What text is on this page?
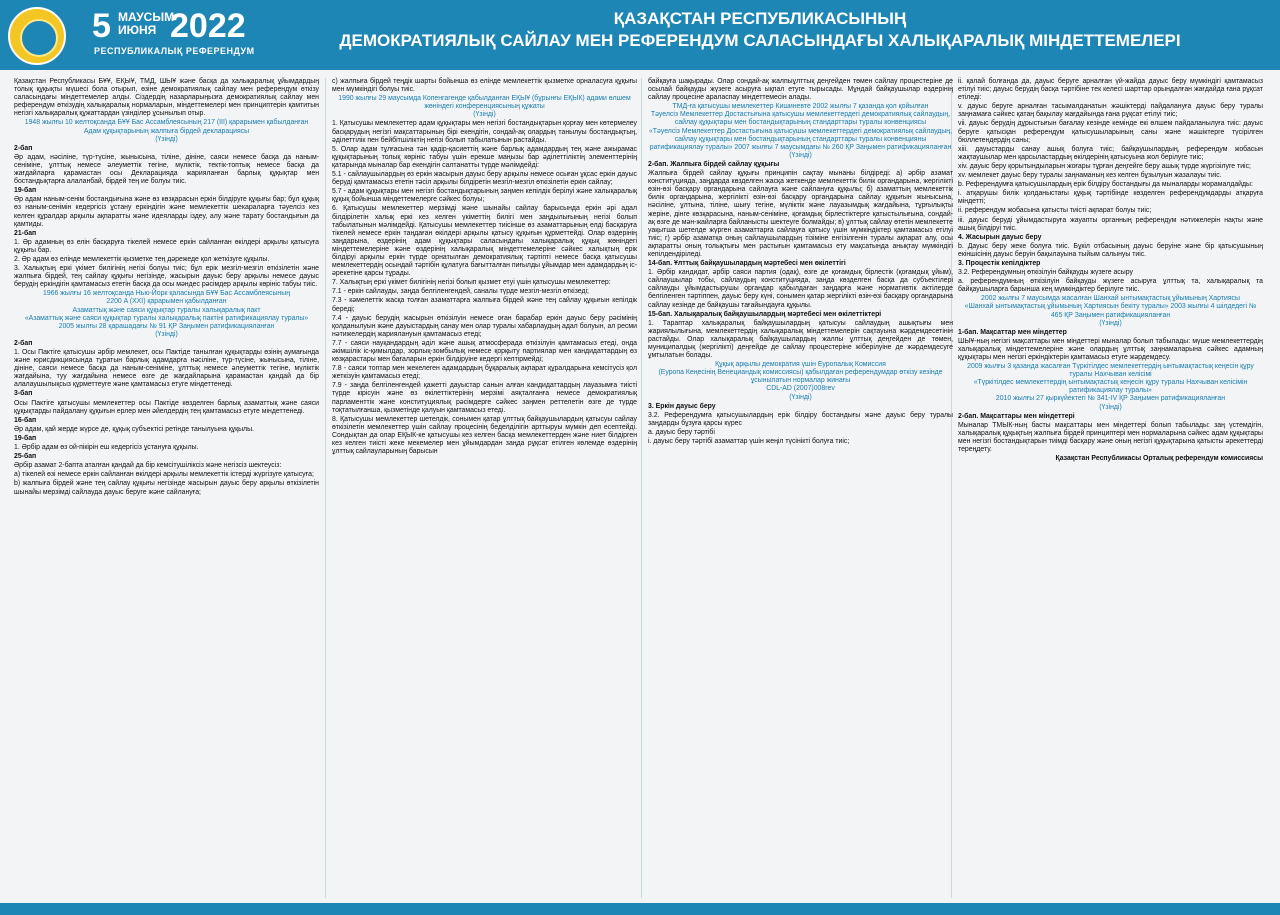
5 МАУСЫМ
ИЮНЯ 2022
РЕСПУБЛИКАЛЫҚ РЕФЕРЕНДУМ
ҚАЗАҚСТАН РЕСПУБЛИКАСЫНЫҢ
ДЕМОКРАТИЯЛЫҚ САЙЛАУ МЕН РЕФЕРЕНДУМ САЛАСЫНДАҒЫ ХАЛЫҚАРАЛЫҚ МІНДЕТТЕМЕЛЕРІ

Қазақстан Республикасы БҰҰ, ЕҚЫҰ, ТМД, ШЫҰ және басқа да халықаралық ұйымдардың толық құқықты мүшесі бола отырып, өзіне демократиялық сайлау мен референдум өткізу саласындағы міндеттемелер алды. Сіздердің назарларыңызға демократиялық сайлау мен референдум өткізудің халықаралық нормаларын, міндеттемелері мен принциптерін қамтитын негізгі халықаралық құжаттардан үзінділер ұсынылып отыр.

1948 жылғы 10 желтоқсанда БҰҰ Бас Ассамблеясының 217 (III) қарарымен қабылданған
Адам құқықтарының жалпыға бірдей декларациясы
(Үзінді)

2-бап

Әр адам, нәсіліне, түр-түсіне, жынысына, тіліне, дініне, саяси немесе басқа да наным-сеніміне, ұлттық немесе әлеуметтік тегіне, мүліктік, тектік-топтық немесе басқа да жағдайларға қарамастан осы Декларацияда жарияланған барлық құқықтар мен бостандықтарға алаланбай, бірдей тең ие болуы тиіс.

19-бап

Әр адам наным-сенім бостандығына және өз көзқарасын еркін білдіруге құқығы бар; бұл құқық өз наным-сенімін кедергісіз ұстану еркіндігін және мемлекеттік шекараларға тәуелсіз кез келген құралдар арқылы ақпаратты және идеяларды іздеу, алу және тарату бостандығын да қамтиды.

21-бап

1. Әр адамның өз елін басқаруға тікелей немесе еркін сайланған өкілдері арқылы қатысуға құқығы бар.

2. Әр адам өз елінде мемлекеттік қызметке тең дәрежеде қол жеткізуге құқылы.

3. Халықтың еркі үкімет билігінің негізі болуы тиіс; бұл ерік мезгіл-мезгіл өткізілетін және жалпыға бірдей, тең сайлау құқығы негізінде, жасырын дауыс беру арқылы немесе дауыс берудің еркіндігін қамтамасыз ететін басқа да осы мәндес рәсімдер арқылы көрініс табуы тиіс.

1966 жылғы 16 желтоқсанда Нью-Йорк қаласында БҰҰ Бас Ассамблеясының
2200 A (XXI) қарарымен қабылданған
Азаматтық және саяси құқықтар туралы халықаралық пакт
«Азаматтық және саяси құқықтар туралы халықаралық пактіні ратификациялау туралы»
2005 жылғы 28 қарашадағы № 91 ҚР Заңымен ратификацияланған
(Үзінді)

2-бап

1. Осы Пактіге қатысушы әрбір мемлекет, осы Пактіде танылған құқықтарды өзінің аумағында және юрисдикциясында тұратын барлық адамдарға нәсіліне, түр-түсіне, жынысына, тіліне, дініне, саяси немесе басқа да наным-сеніміне, ұлттық немесе әлеуметтік тегіне, мүліктік жағдайына, туу жағдайына немесе өзге де жағдайларына қарамастан қандай да бір алалаушылықсыз құрметтеуге және қамтамасыз етуге міндеттенеді.

3-бап

Осы Пактіге қатысушы мемлекеттер осы Пактіде көзделген барлық азаматтық және саяси құқықтарды пайдалану құқығын ерлер мен әйелдердің тең қамтамасыз етуге міндеттенеді.

16-бап

Әр адам, қай жерде жүрсе де, құқық субъектісі ретінде танылуына құқылы.

19-бап

1. Әрбір адам өз ой-пікірін еш кедергісіз ұстануға құқылы.

25-бап

Әрбір азамат 2-бапта аталған қандай да бір кемсітушіліксіз және негізсіз шектеусіз:

a) тікелей өзі немесе еркін сайланған өкілдері арқылы мемлекеттік істерді жүргізуге қатысуға;

b) жалпыға бірдей және тең сайлау құқығы негізінде жасырын дауыс беру арқылы өткізілетін шынайы мерзімді сайлауда дауыс беруге және сайлануға;

c) жалпыға бірдей теңдік шарты бойынша өз елінде мемлекеттік қызметке орналасуға құқығы мен мүмкіндігі болуы тиіс.

1990 жылғы 29 маусымда Копенгагенде қабылданған ЕҚЫҰ (бұрынғы ЕҚЫК) адами өлшем жөніндегі конференциясының құжаты
(Үзінді)

1. Қатысушы мемлекеттер адам құқықтары мен негізгі бостандықтарын қорғау мен көтермелеу басқарудың негізгі мақсаттарының бірі екендігін, сондай-ақ олардың танылуы бостандықтың, әділеттілік пен бейбітшіліктің негізі болып табылатынын растайды.

5. Олар адам тұлғасына тән қадір-қасиеттің және барлық адамдардың тең және ажырамас құқықтарының толық көрініс табуы үшін ерекше маңызы бар әділеттіліктің элементтерінің қатарында мыналар бар екендігін салтанатты түрде мәлімдейді:

5.1 - сайлаушылардың өз еркін жасырын дауыс беру арқылы немесе осыған ұқсас еркін дауыс беруді қамтамасыз ететін тәсіл арқылы білдіретін мезгіл-мезгіл өткізілетін еркін сайлау;

5.7 - адам құқықтары мен негізгі бостандықтарының заңмен кепілдік берілуі және халықаралық құқық бойынша міндеттемелерге сәйкес болуы;

6. Қатысушы мемлекеттер мерзімді және шынайы сайлау барысында еркін әрі адал білдірілетін халық еркі кез келген үкіметтің билігі мен заңдылығының негізі болып табылатынын мәлімдейді. Қатысушы мемлекеттер тиісінше өз азаматтарының елді басқаруға тікелей немесе еркін таңдаған өкілдері арқылы қатысу құқығын құрметтейді. Олар өздерінің заңдарына, өздерінің адам құқықтары саласындағы халықаралық құқық жөніндегі міндеттемелеріне және өздерінің халықаралық міндеттемелеріне сәйкес халықтың ерік білдіруі арқылы еркін түрде орнатылған демократиялық тәртіпті немесе басқа қатысушы мемлекеттердің осындай тәртібін құлатуға бағытталған пиғылды ұйымдар мен адамдардың іс-әрекетіне қарсы тұрады.

7. Халықтың еркі үкімет билігінің негізі болып қызмет етуі үшін қатысушы мемлекеттер:

7.1 - еркін сайлауды, заңда белгіленгендей, саналы түрде мезгіл-мезгіл өткізеді;

7.3 - кәмелеттік жасқа толған азаматтарға жалпыға бірдей және тең сайлау құқығын кепілдік береді;

7.4 - дауыс берудің жасырын өткізілуін немесе оған барабар еркін дауыс беру рәсімінің қолданылуын және дауыстардың санау мен олар туралы хабарлаудың адал болуын, ал ресми нәтижелердің жариялануын қамтамасыз етеді;

7.7 - саяси науқандардың әділ және ашық атмосферада өткізілуін қамтамасыз етеді, онда әкімшілік іс-қимылдар, зорлық-зомбылық немесе қорқыту партиялар мен кандидаттардың өз көзқарастары мен бағаларын еркін білдіруіне кедергі келтірмейді;

7.8 - саяси топтар мен жекелеген адамдардың бұқаралық ақпарат құралдарына кемсітусіз қол жеткізуін қамтамасыз етеді;

7.9 - заңда белгіленгендей қажетті дауыстар санын алған кандидаттардың лауазымға тиісті түрде кірісуін және өз өкілеттіктерінің мерзімі аяқталғанға немесе демократиялық парламенттік және конституциялық рәсімдерге сәйкес заңмен реттелетін өзге де түрде тоқтатылғанша, қызметінде қалуын қамтамасыз етеді.

8. Қатысушы мемлекеттер шетелдік, сонымен қатар ұлттық байқаушылардың қатысуы сайлау өткізілетін мемлекеттер үшін сайлау процесінің беделділігін арттыруы мүмкін деп есептейді. Сондықтан да олар ЕҚЫК-ке қатысушы кез келген басқа мемлекеттерден және ниет білдірген кез келген тиісті жеке мекемелер мен ұйымдардан заңда рұқсат етілген көлемде өздерінің ұлттық сайлауларының барысын

байқауға шақырады. Олар сондай-ақ жалпыұлттық деңгейден төмен сайлау процестеріне де осылай байқауды жүзеге асыруға ықпал етуге тырысады. Мұндай байқаушылар өздерінің сайлау процесіне араласпау міндеттемесін алады.

ТМД-ға қатысушы мемлекеттер Кишиневте 2002 жылғы 7 қазанда қол қойылған
Тәуелсіз Мемлекеттер Достастығына қатысушы мемлекеттердегі демократиялық сайлаудың, сайлау құқықтары мен бостандықтарының стандарттары туралы конвенциясы
«Тәуелсіз Мемлекеттер Достастығына қатысушы мемлекеттердегі демократиялық сайлаудың, сайлау құқықтары мен бостандықтарының стандарттары туралы конвенцияны ратификациялау туралы» 2007 жылғы 7 маусымдағы № 260 ҚР Заңымен ратификацияланған
(Үзінді)

2-бап. Жалпыға бірдей сайлау құқығы

Жалпыға бірдей сайлау құқығы принципін сақтау мынаны білдіреді: а) әрбір азамат конституцияда, заңдарда көзделген жасқа жеткенде мемлекеттік билік органдарына, жергілікті өзін-өзі басқару органдарына сайлауға және сайлануға құқылы; б) азаматтың мемлекеттік билік органдарына, жергілікті өзін-өзі басқару органдарына сайлау құқығын жынысына, нәсіліне, ұлтына, тіліне, шығу тегіне, мүліктік және лауазымдық жағдайына, тұрғылықты жеріне, дінге көзқарасына, наным-сеніміне, қоғамдық бірлестіктерге қатыстылығына, сондай-ақ өзге де мән-жайларға байланысты шектеуге болмайды; в) ұлттық сайлау өтетін мемлекетте уақытша шетелде жүрген азаматтарға сайлауға қатысу үшін мүмкіндіктер қамтамасыз етілуі тиіс; г) әрбір азаматқа оның сайлаушылардың тізіміне енгізілгенін туралы ақпарат алу, осы ақпаратты оның толықтығы мен растығын қамтамасыз ету мақсатында анықтау мүмкіндігі кепілдендіріледі.

14-бап. Ұлттық байқаушылардың мәртебесі мен өкілеттігі

1. Әрбір кандидат, әрбір саяси партия (одақ), өзге де қоғамдық бірлестік (қоғамдық ұйым), сайлаушылар тобы, сайлаудың конституцияда, заңда көзделген басқа да субъектілері сайлауды ұйымдастырушы органдар қабылдаған заңдарға және нормативтік актілерде белгіленген тәртіппен, дауыс беру күні, сонымен қатар жергілікті өзін-өзі басқару органдарына сайлау кезінде де байқаушы тағайындауға құқылы.

15-бап. Халықаралық байқаушылардың мәртебесі мен өкілеттіктері

1. Тараптар халықаралық байқаушылардың қатысуы сайлаудың ашықтығы мен жариялылығына, мемлекеттердің халықаралық міндеттемелерін сақтауына жәрдемдесетінін растайды. Олар халықаралық байқаушылардың жалпы ұлттық деңгейден де төмен, муниципалдық (жергілікті) деңгейде де сайлау процестеріне жіберілуіне де жәрдемдесуге ұмтылатын болады.

Құқық арқылы демократия үшін Еуропалық Комиссия
(Еуропа Кеңесінің Венециандық комиссиясы) қабылдаған референдумдар өткізу кезінде ұсынылатын нормалар жинағы
CDL-AD (2007)008rev
(Үзінді)

3. Еркін дауыс беру

3.2. Референдумға қатысушылардың ерік білдіру бостандығы және дауыс беру туралы заңдарды бұзуға қарсы күрес

а. дауыс беру тәртібі

і. дауыс беру тәртібі азаматтар үшін жеңіл түсінікті болуға тиіс;

ii. қалай болғанда да, дауыс беруге арналған үй-жайда дауыс беру мүмкіндігі қамтамасыз етілуі тиіс; дауыс берудің басқа тәртібіне тек келесі шарттар орындалған жағдайда ғана рұқсат етіледі:

v. дауыс беруге арналған тасымалданатын жәшіктерді пайдалануға дауыс беру туралы заңнамаға сәйкес қатаң бақылау жағдайында ғана рұқсат етілуі тиіс;

vii. дауыс берудің дұрыстығын бағалау кезінде кемінде екі өлшем пайдаланылуға тиіс: дауыс беруге қатысқан референдум қатысушыларының саны және жәшіктерге түсірілген бюллетендердің саны;

xiii. дауыстарды санау ашық болуға тиіс; байқаушылардың, референдум жобасын жақтаушылар мен қарсыластардың өкілдерінің қатысуына жол берілуге тиіс;

xiv. дауыс беру қорытындыларын жоғары тұрған деңгейге беру ашық түрде жүргізілуге тиіс;

xv. мемлекет дауыс беру туралы заңнаманың кез келген бұзылуын жазалауы тиіс.

b. Референдумға қатысушылардың ерік білдіру бостандығы да мыналарды жорамалдайды:

i. атқарушы билік қолданыстағы құқық тәртібінде көзделген референдумдарды атқаруға міндетті;

ii. референдум жобасына қатысты тиісті ақпарат болуы тиіс;

iii. дауыс беруді ұйымдастыруға жауапты органның референдум нәтижелерін нақты және ашық білдіруі тиіс.

4. Жасырын дауыс беру

b. Дауыс беру жеке болуға тиіс. Бұкіл отбасының дауыс беруіне және бір қатысушының екіншісінің дауыс беруін бақылауына тыйым салынуы тиіс.

3. Процестік кепілдіктер

3.2. Референдумның өткізілуін байқауды жүзеге асыру

a. референдумның өткізілуін байқауды жүзеге асыруға ұлттық та, халықаралық та байқаушыларға барынша кең мүмкіндіктер берілуге тиіс.

2002 жылғы 7 маусымда жасалған Шанхай ынтымақтастық ұйымының Хартиясы
«Шанхай ынтымақтастық ұйымының Хартиясын бекіту туралы» 2003 жылғы 4 шілдедегі № 465 ҚР Заңымен ратификацияланған
(Үзінді)

1-бап. Мақсаттар мен міндеттер

ШЫҰ-ның негізгі мақсаттары мен міндеттері мыналар болып табылады: мүше мемлекеттердің халықаралық міндеттемелеріне және олардың ұлттық заңнамаларына сәйкес адамның құқықтары мен негізгі еркіндіктерін қамтамасыз етуге жәрдемдесу.

2009 жылғы 3 қазанда жасалған Түркітілдес мемлекеттердің ынтымақтастық кеңесін құру туралы Нахчыван келісімі
«Түркітілдес мемлекеттердің ынтымақтастық кеңесін құру туралы Нахчыван келісімін ратификациялау туралы»
2010 жылғы 27 қыркүйектегі № 341-IV ҚР Заңымен ратификацияланған
(Үзінді)

2-бап. Мақсаттары мен міндеттері

Мыналар ТМЫК-ның басты мақсаттары мен міндеттері болып табылады: заң үстемдігін, халықаралық құқықтың жалпыға бірдей принциптері мен нормаларына сәйкес адам құқықтары мен негізгі бостандықтарын тиімді басқару және оның негізгі құқықтарына қатысты әрекеттерді тереңдету.

Қазақстан Республикасы Орталық референдум комиссиясы
